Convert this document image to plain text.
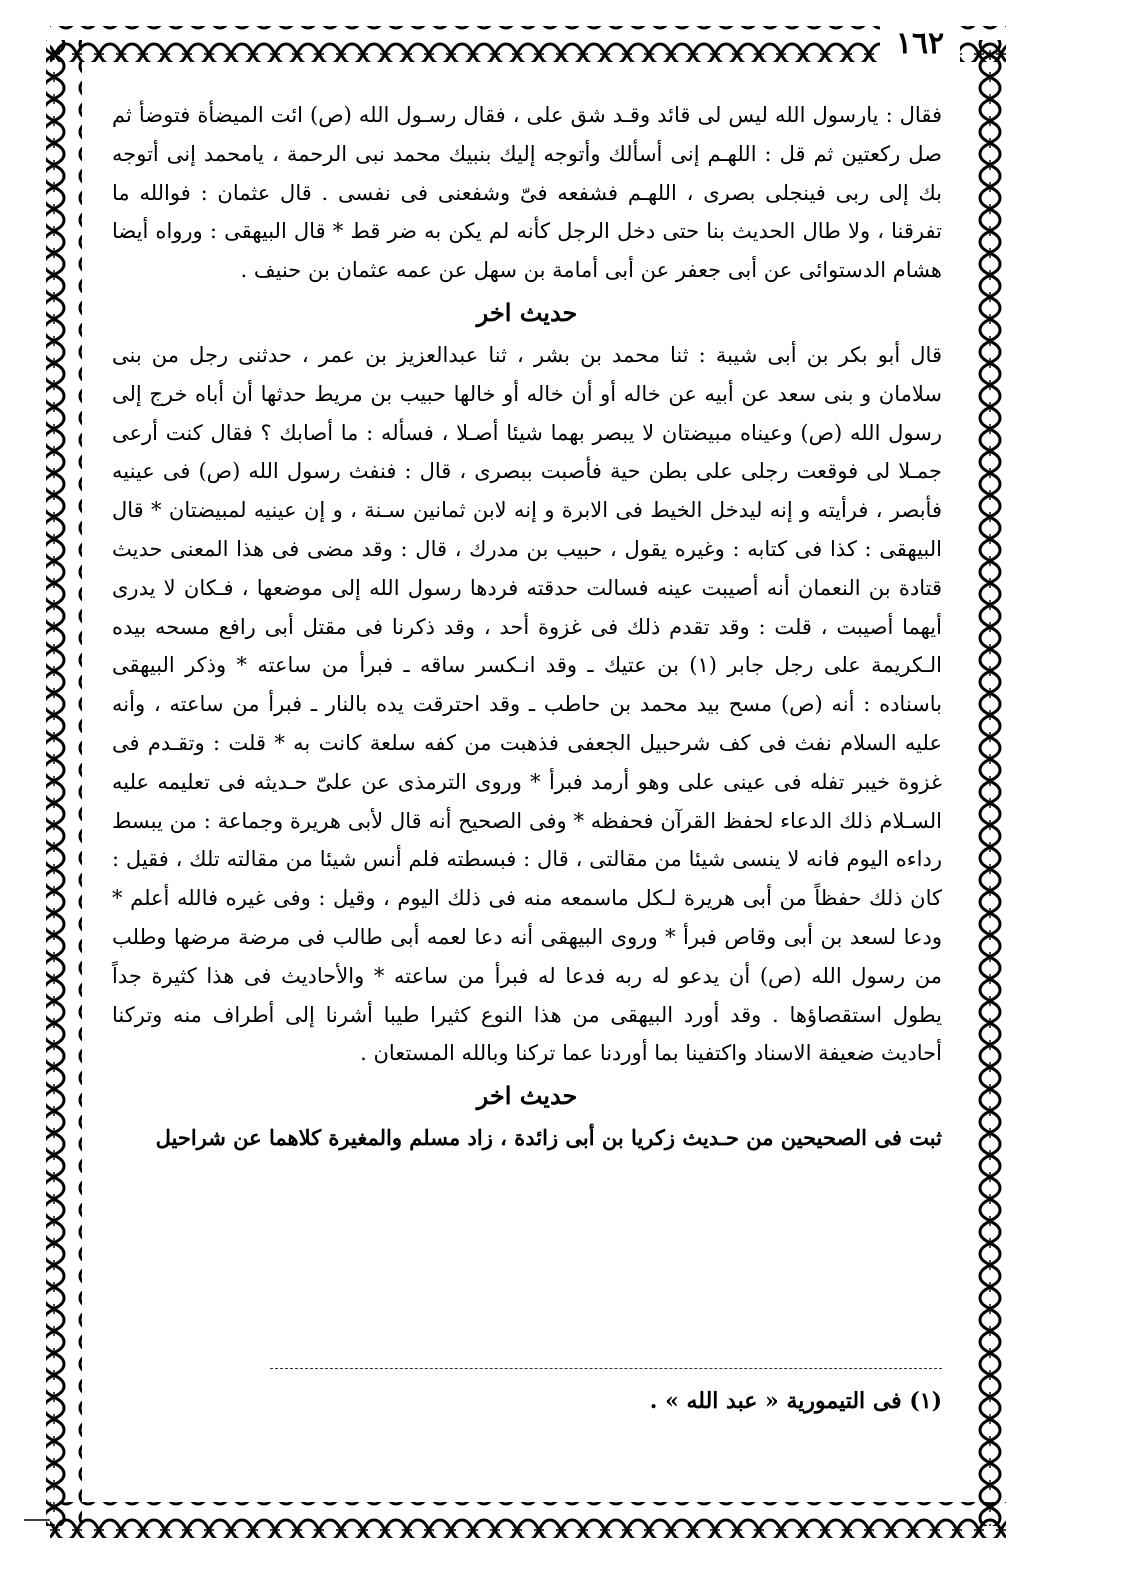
١٦٢

فقال : يارسول الله ليس لى قائد وقـد شق على ، فقال رسـول الله (ص) ائت الميضأة فتوضأ ثم صل ركعتين ثم قل : اللهـم إنى أسألك وأتوجه إليك بنبيك محمد نبى الرحمة ، يامحمد إنى أتوجه بك إلى ربى فينجلى بصرى ، اللهـم فشفعه فىّ وشفعنى فى نفسى . قال عثمان : فوالله ما تفرقنا ، ولا طال الحديث بنا حتى دخل الرجل كأنه لم يكن به ضر قط * قال البيهقى : ورواه أيضا هشام الدستوائى عن أبى جعفر عن أبى أمامة بن سهل عن عمه عثمان بن حنيف .

حديث اخر

قال أبو بكر بن أبى شيبة : ثنا محمد بن بشر ، ثنا عبدالعزيز بن عمر ، حدثنى رجل من بنى سلامان و بنى سعد عن أبيه عن خاله أو أن خاله أو خالها حبيب بن مريط حدثها أن أباه خرج إلى رسول الله (ص) وعيناه مبيضتان لا يبصر بهما شيئا أصـلا ، فسأله : ما أصابك ؟ فقال كنت أرعى جمـلا لى فوقعت رجلى على بطن حية فأصبت ببصرى ، قال : فنفث رسول الله (ص) فى عينيه فأبصر ، فرأيته و إنه ليدخل الخيط فى الابرة و إنه لابن ثمانين سـنة ، و إن عينيه لمبيضتان * قال البيهقى : كذا فى كتابه : وغيره يقول ، حبيب بن مدرك ، قال : وقد مضى فى هذا المعنى حديث قتادة بن النعمان أنه أصيبت عينه فسالت حدقته فردها رسول الله إلى موضعها ، فـكان لا يدرى أيهما أصيبت ، قلت : وقد تقدم ذلك فى غزوة أحد ، وقد ذكرنا فى مقتل أبى رافع مسحه بيده الـكريمة على رجل جابر (١) بن عتيك ـ وقد انـكسر ساقه ـ فبرأ من ساعته * وذكر البيهقى باسناده : أنه (ص) مسح بيد محمد بن حاطب ـ وقد احترقت يده بالنار ـ فبرأ من ساعته ، وأنه عليه السلام نفث فى كف شرحبيل الجعفى فذهبت من كفه سلعة كانت به * قلت : وتقـدم فى غزوة خيبر تفله فى عينى على وهو أرمد فبرأ * وروى الترمذى عن علىّ حـديثه فى تعليمه عليه السـلام ذلك الدعاء لحفظ القرآن فحفظه * وفى الصحيح أنه قال لأبى هريرة وجماعة : من يبسط رداءه اليوم فانه لا ينسى شيئا من مقالتى ، قال : فبسطته فلم أنس شيئا من مقالته تلك ، فقيل : كان ذلك حفظاً من أبى هريرة لـكل ماسمعه منه فى ذلك اليوم ، وقيل : وفى غيره فالله أعلم * ودعا لسعد بن أبى وقاص فبرأ * وروى البيهقى أنه دعا لعمه أبى طالب فى مرضة مرضها وطلب من رسول الله (ص) أن يدعو له ربه فدعا له فبرأ من ساعته * والأحاديث فى هذا كثيرة جداً يطول استقصاؤها . وقد أورد البيهقى من هذا النوع كثيرا طيبا أشرنا إلى أطراف منه وتركنا أحاديث ضعيفة الاسناد واكتفينا بما أوردنا عما تركنا وبالله المستعان .

حديث اخر

ثبت فى الصحيحين من حـديث زكريا بن أبى زائدة ، زاد مسلم والمغيرة كلاهما عن شراحيل

(١) فى التيمورية « عبد الله » .
